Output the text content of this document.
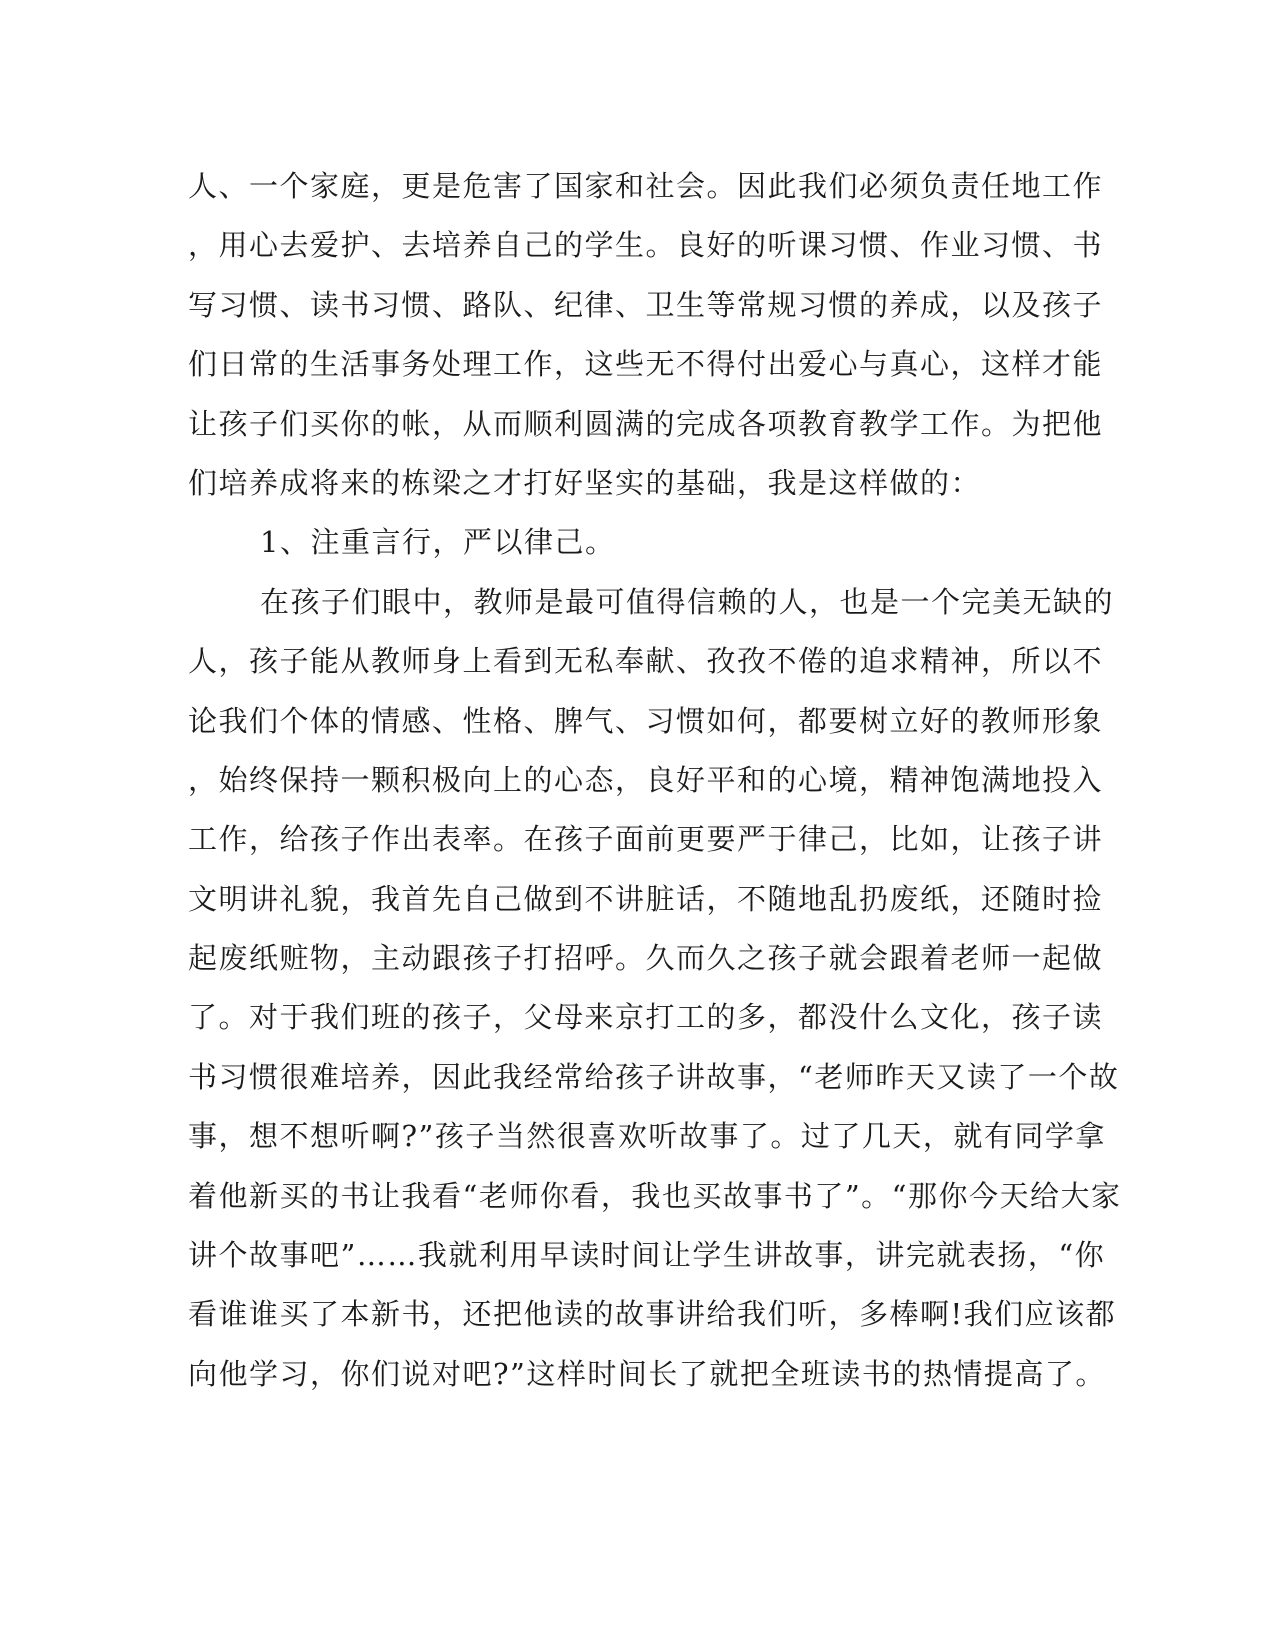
人、一个家庭，更是危害了国家和社会。因此我们必须负责任地工作
，用心去爱护、去培养自己的学生。良好的听课习惯、作业习惯、书
写习惯、读书习惯、路队、纪律、卫生等常规习惯的养成，以及孩子
们日常的生活事务处理工作，这些无不得付出爱心与真心，这样才能
让孩子们买你的帐，从而顺利圆满的完成各项教育教学工作。为把他
们培养成将来的栋梁之才打好坚实的基础，我是这样做的：
1、注重言行，严以律己。
在孩子们眼中，教师是最可值得信赖的人，也是一个完美无缺的
人，孩子能从教师身上看到无私奉献、孜孜不倦的追求精神，所以不
论我们个体的情感、性格、脾气、习惯如何，都要树立好的教师形象
，始终保持一颗积极向上的心态，良好平和的心境，精神饱满地投入
工作，给孩子作出表率。在孩子面前更要严于律己，比如，让孩子讲
文明讲礼貌，我首先自己做到不讲脏话，不随地乱扔废纸，还随时捡
起废纸赃物，主动跟孩子打招呼。久而久之孩子就会跟着老师一起做
了。对于我们班的孩子，父母来京打工的多，都没什么文化，孩子读
书习惯很难培养，因此我经常给孩子讲故事，“老师昨天又读了一个故
事，想不想听啊?”孩子当然很喜欢听故事了。过了几天，就有同学拿
着他新买的书让我看“老师你看，我也买故事书了”。“那你今天给大家
讲个故事吧”……我就利用早读时间让学生讲故事，讲完就表扬，“你
看谁谁买了本新书，还把他读的故事讲给我们听，多棒啊!我们应该都
向他学习，你们说对吧?”这样时间长了就把全班读书的热情提高了。
